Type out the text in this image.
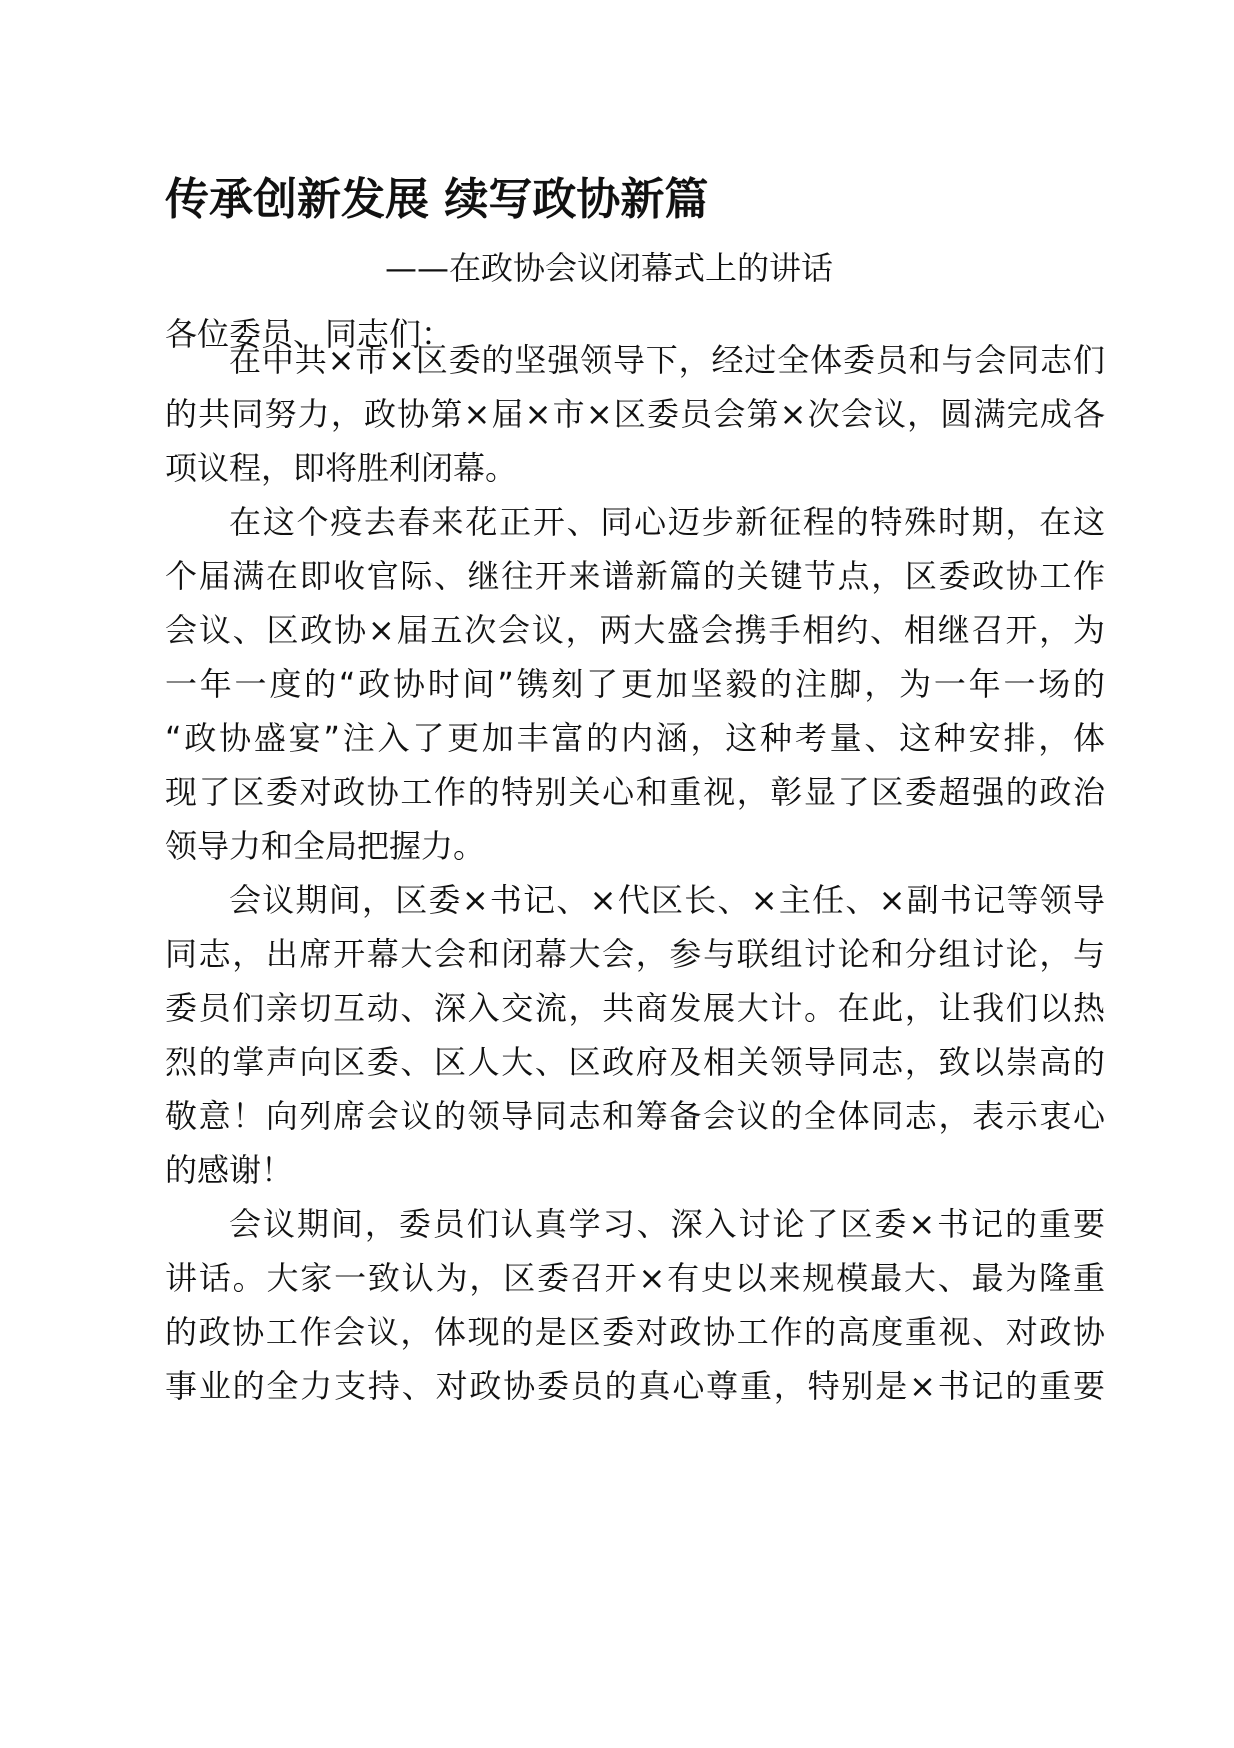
传承创新发展 续写政协新篇
——在政协会议闭幕式上的讲话
各位委员、同志们：
在中共×市×区委的坚强领导下，经过全体委员和与会同志们
的共同努力，政协第×届×市×区委员会第×次会议，圆满完成各
项议程，即将胜利闭幕。
在这个疫去春来花正开、同心迈步新征程的特殊时期，在这
个届满在即收官际、继往开来谱新篇的关键节点，区委政协工作
会议、区政协×届五次会议，两大盛会携手相约、相继召开，为
一年一度的“政协时间”镌刻了更加坚毅的注脚，为一年一场的
“政协盛宴”注入了更加丰富的内涵，这种考量、这种安排，体
现了区委对政协工作的特别关心和重视，彰显了区委超强的政治
领导力和全局把握力。
会议期间，区委×书记、×代区长、×主任、×副书记等领导
同志，出席开幕大会和闭幕大会，参与联组讨论和分组讨论，与
委员们亲切互动、深入交流，共商发展大计。在此，让我们以热
烈的掌声向区委、区人大、区政府及相关领导同志，致以崇高的
敬意！向列席会议的领导同志和筹备会议的全体同志，表示衷心
的感谢！
会议期间，委员们认真学习、深入讨论了区委×书记的重要
讲话。大家一致认为，区委召开×有史以来规模最大、最为隆重
的政协工作会议，体现的是区委对政协工作的高度重视、对政协
事业的全力支持、对政协委员的真心尊重，特别是×书记的重要
